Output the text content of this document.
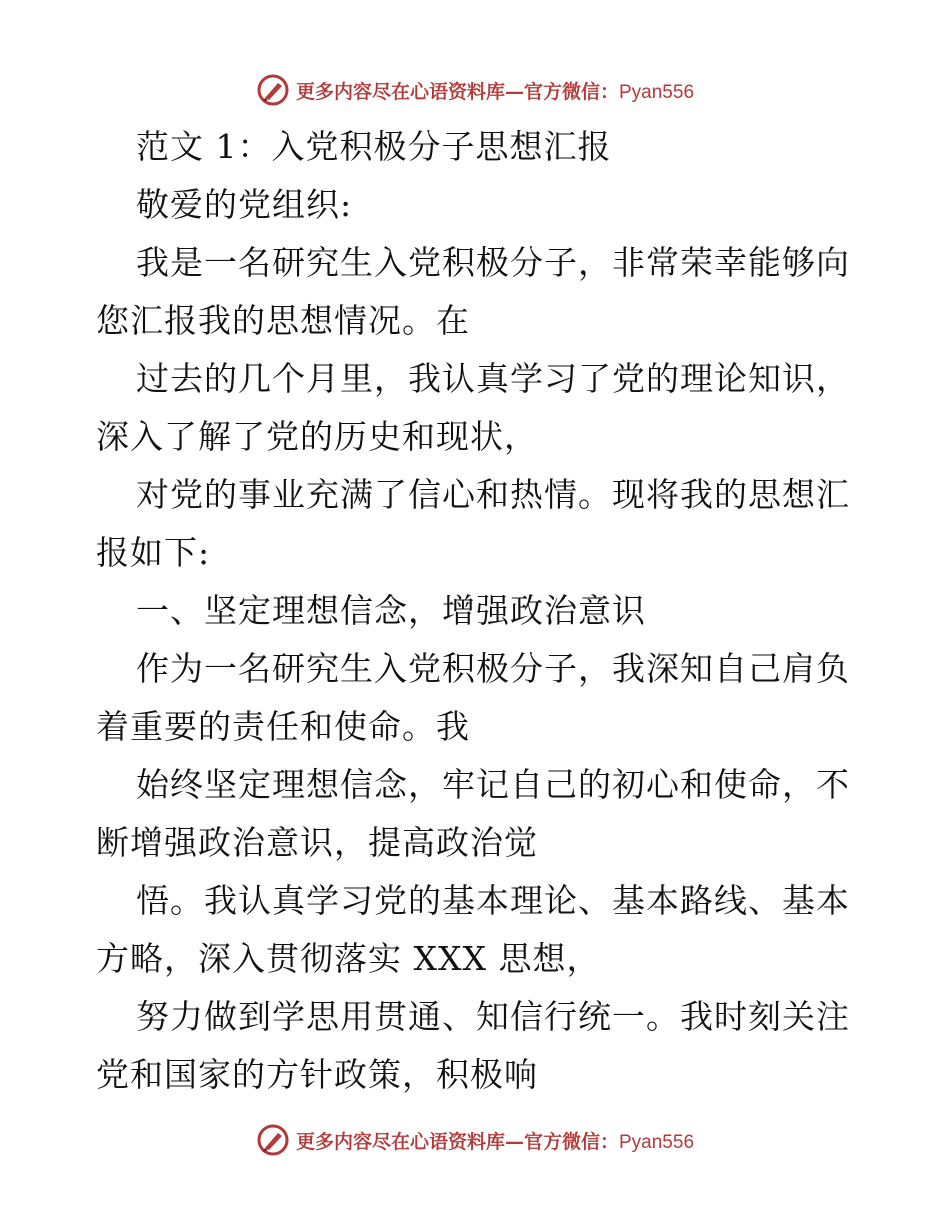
更多内容尽在心语资料库—官方微信：Pyan556
范文 1：入党积极分子思想汇报
敬爱的党组织:
我是一名研究生入党积极分子，非常荣幸能够向
您汇报我的思想情况。在
过去的几个月里，我认真学习了党的理论知识，
深入了解了党的历史和现状，
对党的事业充满了信心和热情。现将我的思想汇
报如下:
一、坚定理想信念，增强政治意识
作为一名研究生入党积极分子，我深知自己肩负
着重要的责任和使命。我
始终坚定理想信念，牢记自己的初心和使命，不
断增强政治意识，提高政治觉
悟。我认真学习党的基本理论、基本路线、基本
方略，深入贯彻落实 XXX 思想，
努力做到学思用贯通、知信行统一。我时刻关注
党和国家的方针政策，积极响
更多内容尽在心语资料库—官方微信：Pyan556
